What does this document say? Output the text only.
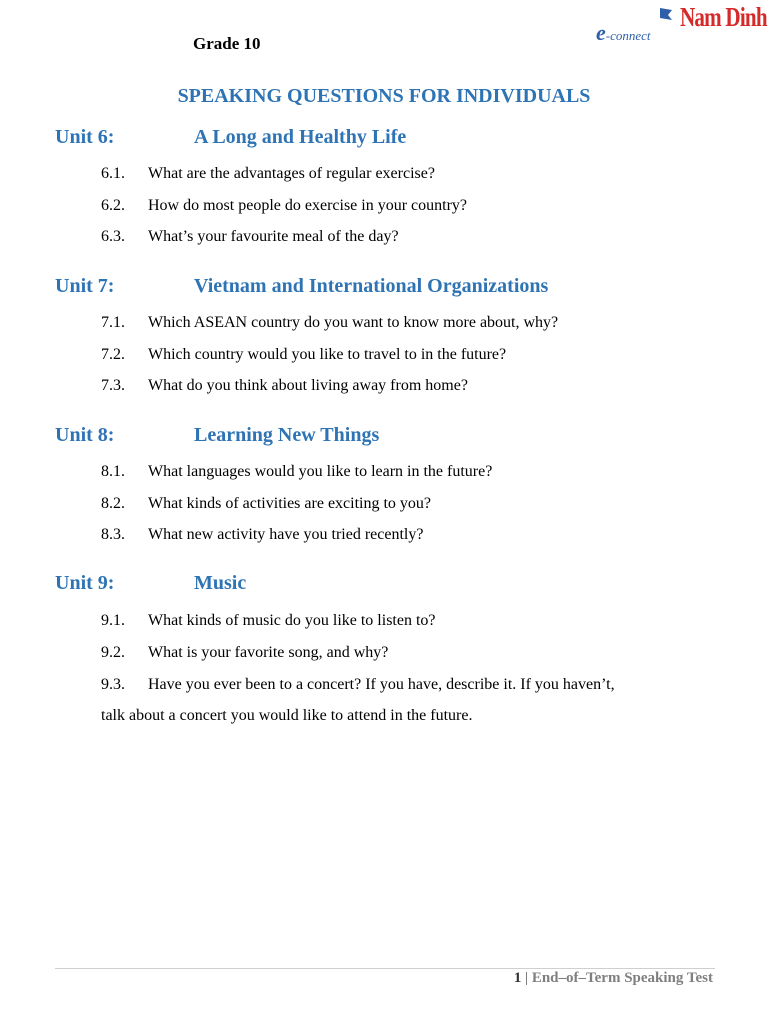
Grade 10	e-connect
Nam Dinh
SPEAKING QUESTIONS FOR INDIVIDUALS
Unit 6:	A Long and Healthy Life
6.1. What are the advantages of regular exercise?
6.2. How do most people do exercise in your country?
6.3. What’s your favourite meal of the day?
Unit 7:	Vietnam and International Organizations
7.1. Which ASEAN country do you want to know more about, why?
7.2. Which country would you like to travel to in the future?
7.3. What do you think about living away from home?
Unit 8:	Learning New Things
8.1. What languages would you like to learn in the future?
8.2. What kinds of activities are exciting to you?
8.3. What new activity have you tried recently?
Unit 9:	Music
9.1. What kinds of music do you like to listen to?
9.2. What is your favorite song, and why?
9.3. Have you ever been to a concert? If you have, describe it. If you haven’t,
talk about a concert you would like to attend in the future.
1 | End–of–Term Speaking Test
